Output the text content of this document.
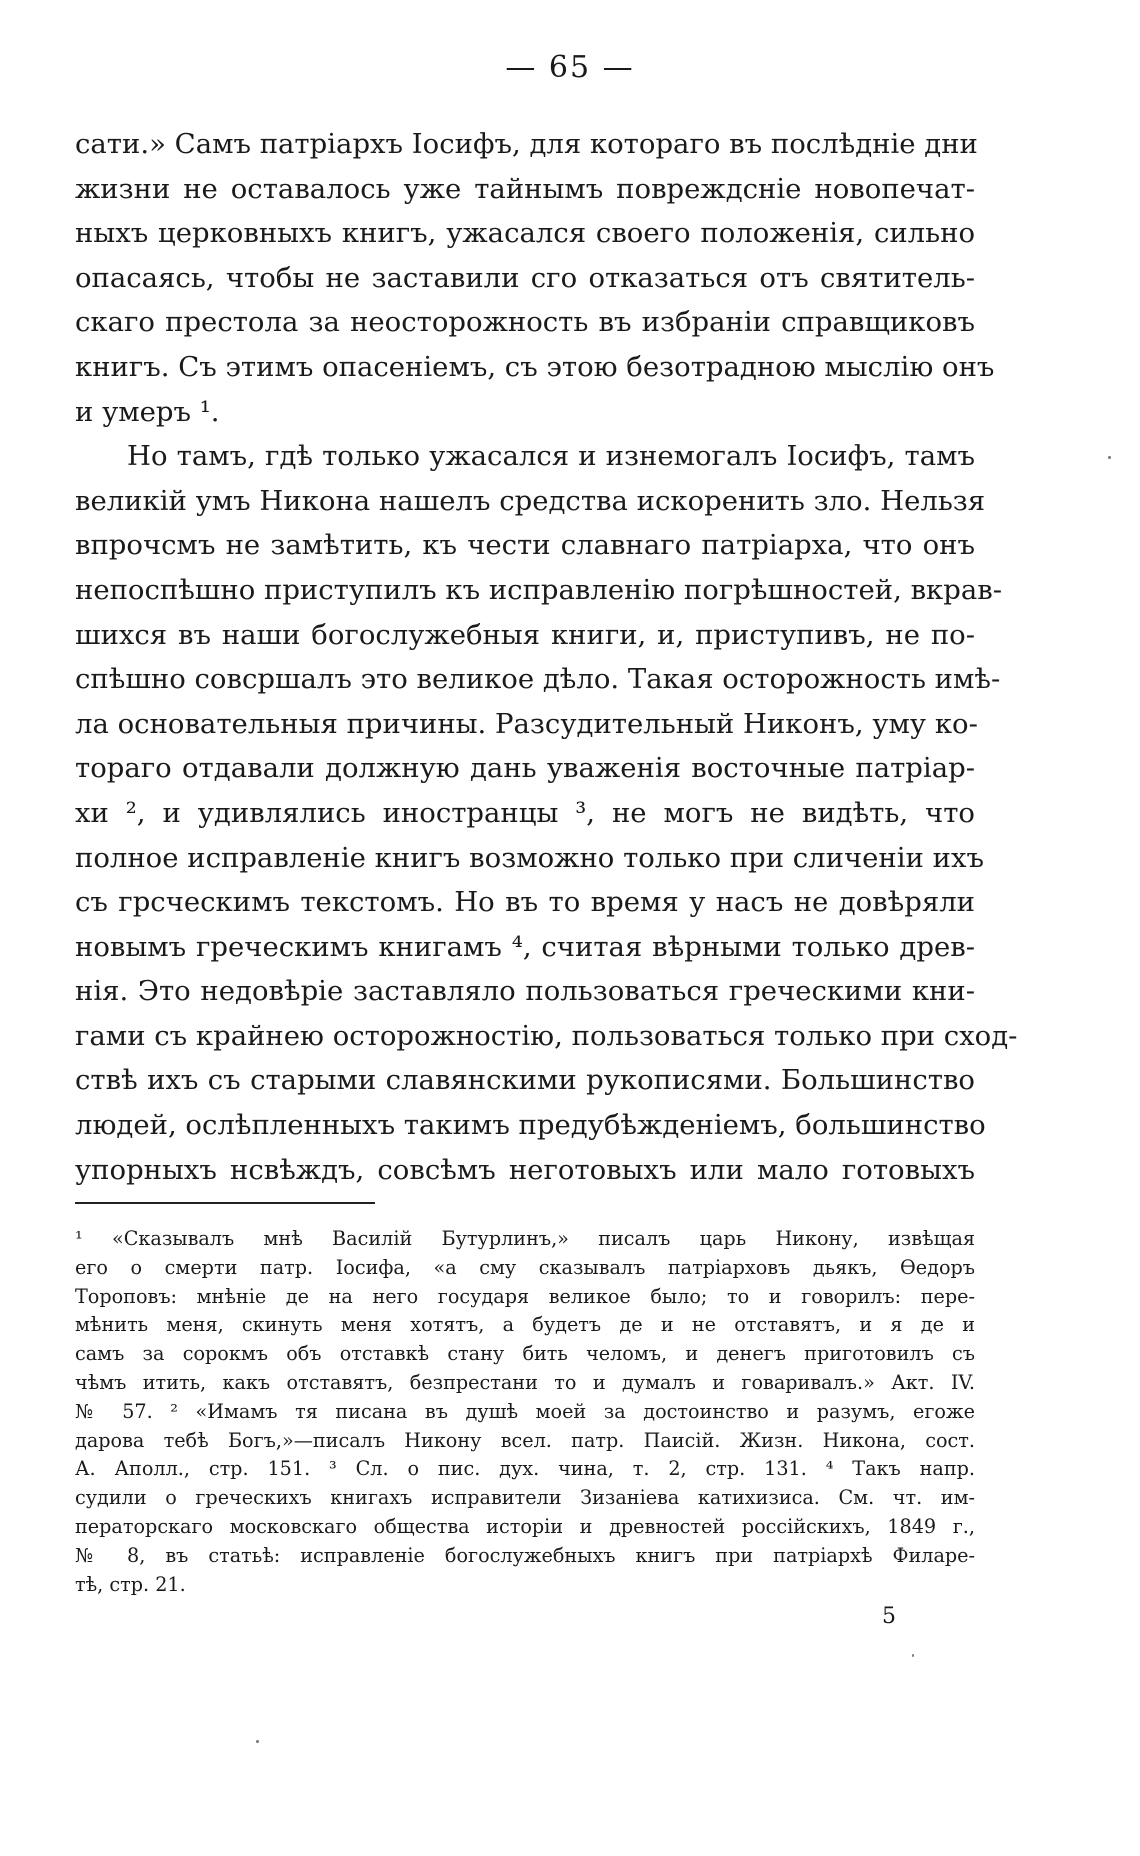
— 65 —
сати.» Самъ патріархъ Іосифъ, для котораго въ послѣдніе дни
жизни не оставалось уже тайнымъ повреждсніе новопечат-
ныхъ церковныхъ книгъ, ужасался своего положенія, сильно
опасаясь, чтобы не заставили сго отказаться отъ святитель-
скаго престола за неосторожность въ избраніи справщиковъ
книгъ. Съ этимъ опасеніемъ, съ этою безотрадною мыслію онъ
и умеръ ¹.
Но тамъ, гдѣ только ужасался и изнемогалъ Іосифъ, тамъ
великій умъ Никона нашелъ средства искоренить зло. Нельзя
впрочсмъ не замѣтить, къ чести славнаго патріарха, что онъ
непоспѣшно приступилъ къ исправленію погрѣшностей, вкрав-
шихся въ наши богослужебныя книги, и, приступивъ, не по-
спѣшно совсршалъ это великое дѣло. Такая осторожность имѣ-
ла основательныя причины. Разсудительный Никонъ, уму ко-
тораго отдавали должную дань уваженія восточные патріар-
хи ², и удивлялись иностранцы ³, не могъ не видѣть, что
полное исправленіе книгъ возможно только при сличеніи ихъ
съ грсческимъ текстомъ. Но въ то время у насъ не довѣряли
новымъ греческимъ книгамъ ⁴, считая вѣрными только древ-
нія. Это недовѣріе заставляло пользоваться греческими кни-
гами съ крайнею осторожностію, пользоваться только при сход-
ствѣ ихъ съ старыми славянскими рукописями. Большинство
людей, ослѣпленныхъ такимъ предубѣжденіемъ, большинство
упорныхъ нсвѣждъ, совсѣмъ неготовыхъ или мало готовыхъ
¹ «Сказывалъ мнѣ Василій Бутурлинъ,» писалъ царь Никону, извѣщая
его о смерти патр. Іосифа, «а сму сказывалъ патріарховъ дьякъ, Ѳедоръ
Тороповъ: мнѣніе де на него государя великое было; то и говорилъ: пере-
мѣнить меня, скинуть меня хотятъ, а будетъ де и не отставятъ, и я де и
самъ за сорокмъ объ отставкѣ стану бить челомъ, и денегъ приготовилъ съ
чѣмъ итить, какъ отставятъ, безпрестани то и думалъ и говаривалъ.» Акт. IV.
№ 57. ² «Имамъ тя писана въ душѣ моей за достоинство и разумъ, егоже
дарова тебѣ Богъ,»—писалъ Никону всел. патр. Паисій. Жизн. Никона, сост.
А. Аполл., стр. 151. ³ Сл. о пис. дух. чина, т. 2, стр. 131. ⁴ Такъ напр.
судили о греческихъ книгахъ исправители Зизаніева катихизиса. См. чт. им-
ператорскаго московскаго общества исторіи и древностей россійскихъ, 1849 г.,
№ 8, въ статьѣ: исправленіе богослужебныхъ книгъ при патріархѣ Филаре-
тѣ, стр. 21.
5
